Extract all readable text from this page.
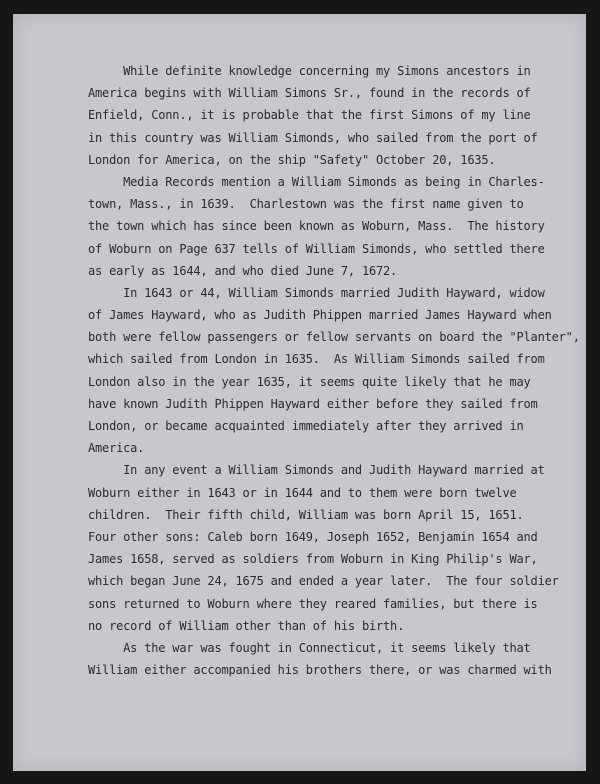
While definite knowledge concerning my Simons ancestors in
America begins with William Simons Sr., found in the records of
Enfield, Conn., it is probable that the first Simons of my line
in this country was William Simonds, who sailed from the port of
London for America, on the ship "Safety" October 20, 1635.
Media Records mention a William Simonds as being in Charles-
town, Mass., in 1639.  Charlestown was the first name given to
the town which has since been known as Woburn, Mass.  The history
of Woburn on Page 637 tells of William Simonds, who settled there
as early as 1644, and who died June 7, 1672.
In 1643 or 44, William Simonds married Judith Hayward, widow
of James Hayward, who as Judith Phippen married James Hayward when
both were fellow passengers or fellow servants on board the "Planter",
which sailed from London in 1635.  As William Simonds sailed from
London also in the year 1635, it seems quite likely that he may
have known Judith Phippen Hayward either before they sailed from
London, or became acquainted immediately after they arrived in
America.
In any event a William Simonds and Judith Hayward married at
Woburn either in 1643 or in 1644 and to them were born twelve
children.  Their fifth child, William was born April 15, 1651.
Four other sons: Caleb born 1649, Joseph 1652, Benjamin 1654 and
James 1658, served as soldiers from Woburn in King Philip's War,
which began June 24, 1675 and ended a year later.  The four soldier
sons returned to Woburn where they reared families, but there is
no record of William other than of his birth.
As the war was fought in Connecticut, it seems likely that
William either accompanied his brothers there, or was charmed with
